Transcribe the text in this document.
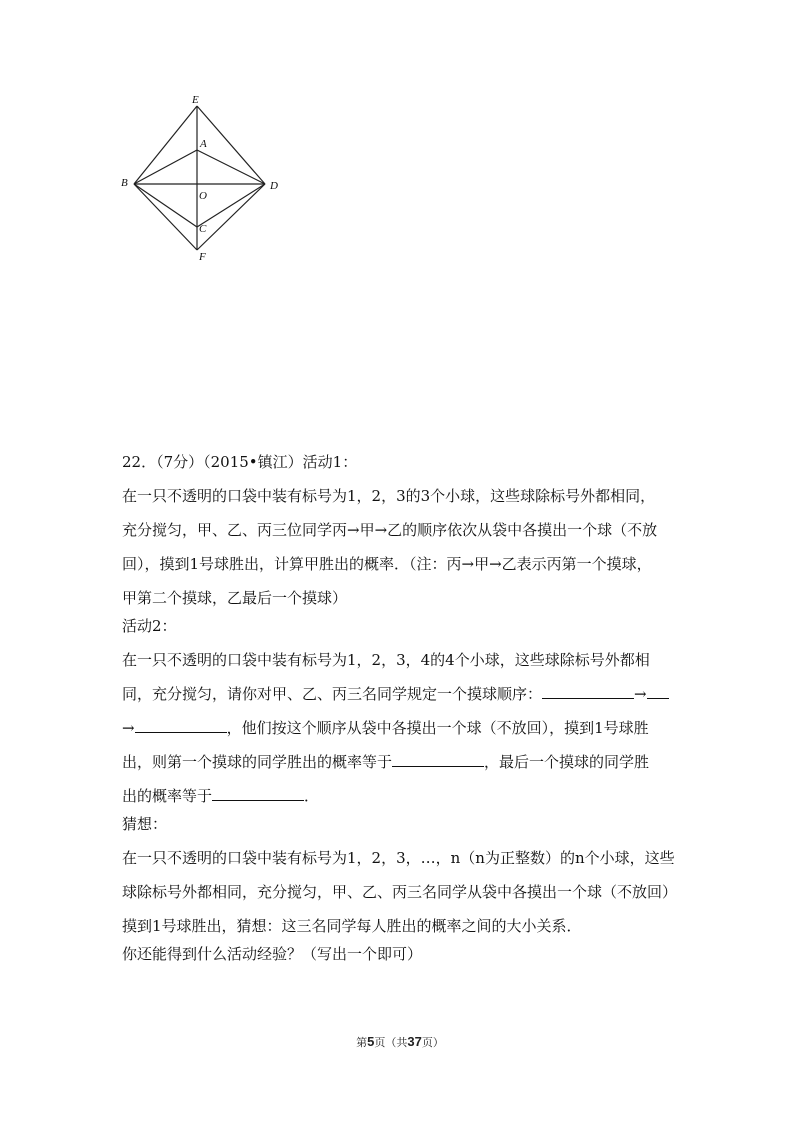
E
A
B
O
D
C
F
22．（7分）（2015•镇江）活动1：
在一只不透明的口袋中装有标号为1，2，3的3个小球，这些球除标号外都相同，
充分搅匀，甲、乙、丙三位同学丙→甲→乙的顺序依次从袋中各摸出一个球（不放
回），摸到1号球胜出，计算甲胜出的概率．（注：丙→甲→乙表示丙第一个摸球，
甲第二个摸球，乙最后一个摸球）
活动2：
在一只不透明的口袋中装有标号为1，2，3，4的4个小球，这些球除标号外都相
同，充分搅匀，请你对甲、乙、丙三名同学规定一个摸球顺序：	→
→	，他们按这个顺序从袋中各摸出一个球（不放回），摸到1号球胜
出，则第一个摸球的同学胜出的概率等于	，最后一个摸球的同学胜
出的概率等于	．
猜想：
在一只不透明的口袋中装有标号为1，2，3，…，n（n为正整数）的n个小球，这些
球除标号外都相同，充分搅匀，甲、乙、丙三名同学从袋中各摸出一个球（不放回）
摸到1号球胜出，猜想：这三名同学每人胜出的概率之间的大小关系．
你还能得到什么活动经验？（写出一个即可）
第5页（共37页）
